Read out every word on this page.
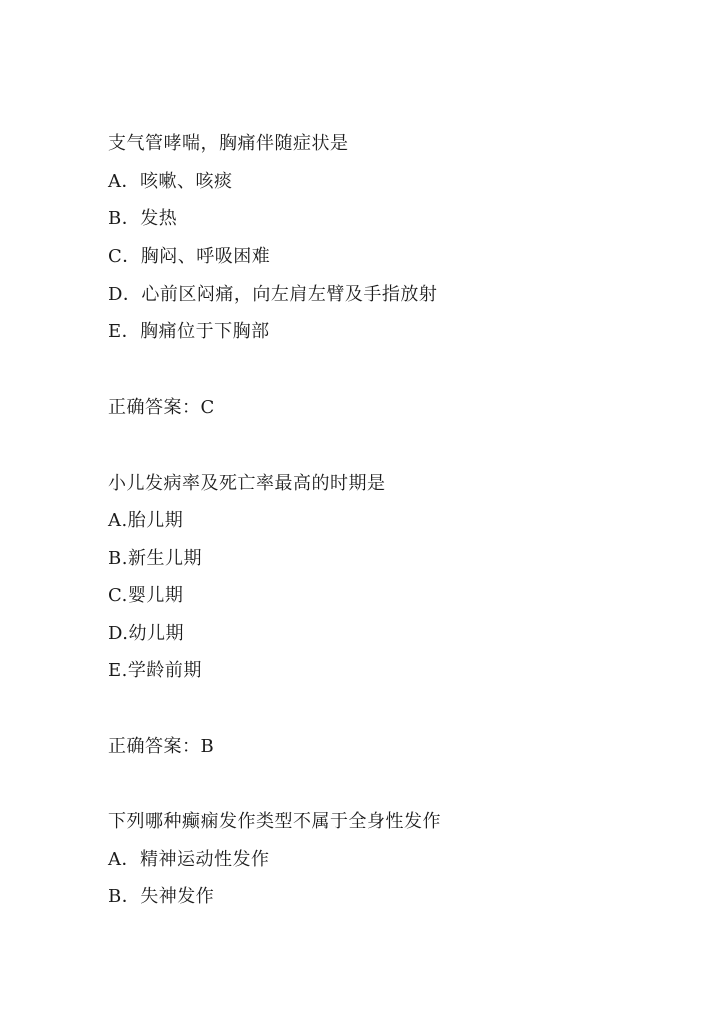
支气管哮喘，胸痛伴随症状是
A．咳嗽、咳痰
B．发热
C．胸闷、呼吸困难
D．心前区闷痛，向左肩左臂及手指放射
E．胸痛位于下胸部
正确答案：C
小儿发病率及死亡率最高的时期是
A.胎儿期
B.新生儿期
C.婴儿期
D.幼儿期
E.学龄前期
正确答案：B
下列哪种癫痫发作类型不属于全身性发作
A．精神运动性发作
B．失神发作
